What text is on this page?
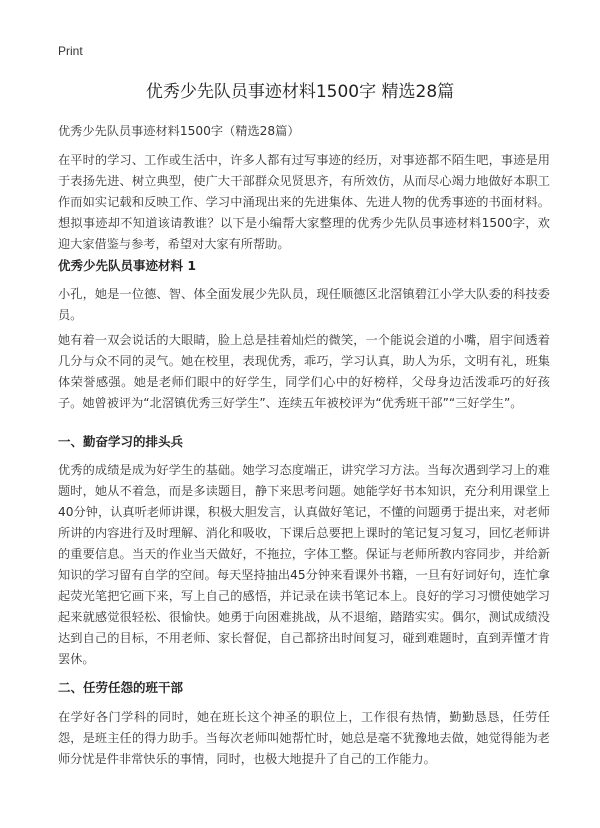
Print
优秀少先队员事迹材料1500字 精选28篇

优秀少先队员事迹材料1500字（精选28篇）

在平时的学习、工作或生活中，许多人都有过写事迹的经历，对事迹都不陌生吧，事迹是用于表扬先进、树立典型，使广大干部群众见贤思齐，有所效仿，从而尽心竭力地做好本职工作而如实记载和反映工作、学习中涌现出来的先进集体、先进人物的优秀事迹的书面材料。想拟事迹却不知道该请教谁？以下是小编帮大家整理的优秀少先队员事迹材料1500字，欢迎大家借鉴与参考，希望对大家有所帮助。

优秀少先队员事迹材料 1

小孔，她是一位德、智、体全面发展少先队员，现任顺德区北滘镇碧江小学大队委的科技委员。

她有着一双会说话的大眼睛，脸上总是挂着灿烂的微笑，一个能说会道的小嘴，眉宇间透着几分与众不同的灵气。她在校里，表现优秀，乖巧，学习认真，助人为乐，文明有礼，班集体荣誉感强。她是老师们眼中的好学生，同学们心中的好榜样，父母身边活泼乖巧的好孩子。她曾被评为“北滘镇优秀三好学生”、连续五年被校评为“优秀班干部”“三好学生”。

一、勤奋学习的排头兵

优秀的成绩是成为好学生的基础。她学习态度端正，讲究学习方法。当每次遇到学习上的难题时，她从不着急，而是多读题目，静下来思考问题。她能学好书本知识，充分利用课堂上40分钟，认真听老师讲课，积极大胆发言，认真做好笔记，不懂的问题勇于提出来，对老师所讲的内容进行及时理解、消化和吸收，下课后总要把上课时的笔记复习复习，回忆老师讲的重要信息。当天的作业当天做好，不拖拉，字体工整。保证与老师所教内容同步，并给新知识的学习留有自学的空间。每天坚持抽出45分钟来看课外书籍，一旦有好词好句，连忙拿起荧光笔把它画下来，写上自己的感悟，并记录在读书笔记本上。良好的学习习惯使她学习起来就感觉很轻松、很愉快。她勇于向困难挑战，从不退缩，踏踏实实。偶尔，测试成绩没达到自己的目标，不用老师、家长督促，自己都挤出时间复习，碰到难题时，直到弄懂才肯罢休。

二、任劳任怨的班干部

在学好各门学科的同时，她在班长这个神圣的职位上，工作很有热情，勤勤恳恳，任劳任怨，是班主任的得力助手。当每次老师叫她帮忙时，她总是毫不犹豫地去做，她觉得能为老师分忧是件非常快乐的事情，同时，也极大地提升了自己的工作能力。
